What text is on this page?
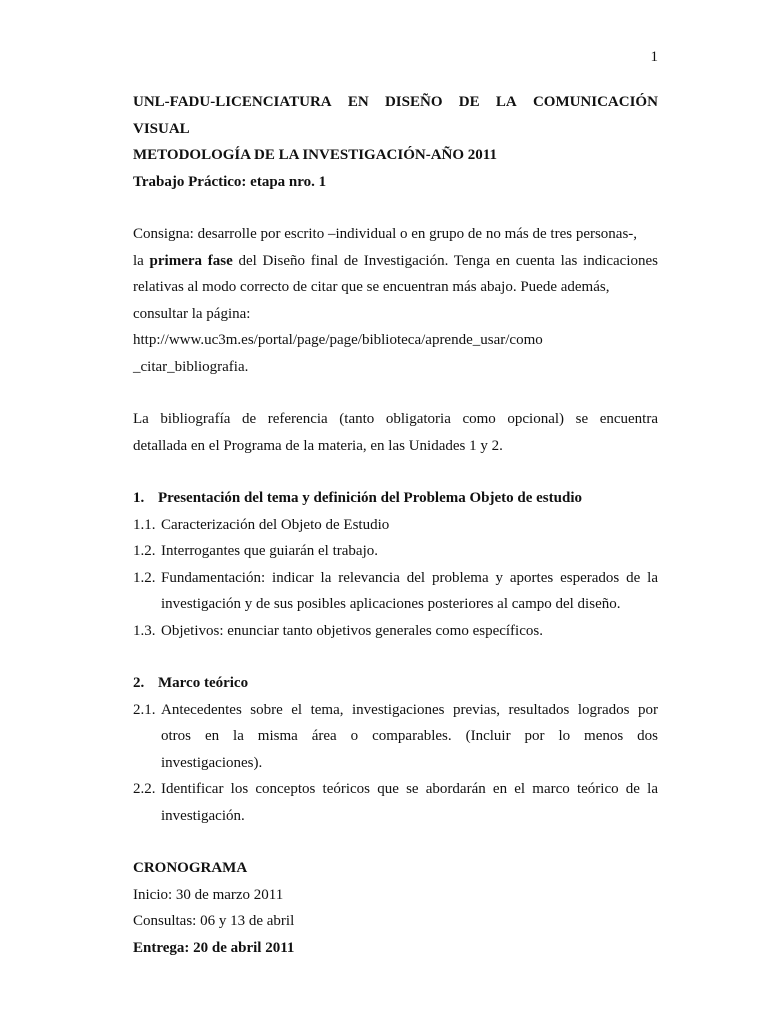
1
UNL-FADU-LICENCIATURA EN DISEÑO DE LA COMUNICACIÓN
VISUAL
METODOLOGÍA DE LA INVESTIGACIÓN-AÑO 2011
Trabajo Práctico: etapa nro. 1
Consigna: desarrolle por escrito –individual o en grupo de no más de tres personas-,
la primera fase del Diseño final de Investigación. Tenga en cuenta las indicaciones
relativas al modo correcto de citar que se encuentran más abajo. Puede además,
consultar la página:
http://www.uc3m.es/portal/page/page/biblioteca/aprende_usar/como
_citar_bibliografia.
La bibliografía de referencia (tanto obligatoria como opcional) se encuentra
detallada en el Programa de la materia, en las Unidades 1 y 2.
1. Presentación del tema y definición del Problema Objeto de estudio
1.1. Caracterización del Objeto de Estudio
1.2. Interrogantes que guiarán el trabajo.
1.2. Fundamentación: indicar la relevancia del problema y aportes esperados de la
investigación y de sus posibles aplicaciones posteriores al campo del diseño.
1.3. Objetivos: enunciar tanto objetivos generales como específicos.
2. Marco teórico
2.1. Antecedentes sobre el tema, investigaciones previas, resultados logrados por
otros en la misma área o comparables. (Incluir por lo menos dos
investigaciones).
2.2. Identificar los conceptos teóricos que se abordarán en el marco teórico de la
investigación.
CRONOGRAMA
Inicio: 30 de marzo 2011
Consultas: 06 y 13 de abril
Entrega: 20 de abril 2011
